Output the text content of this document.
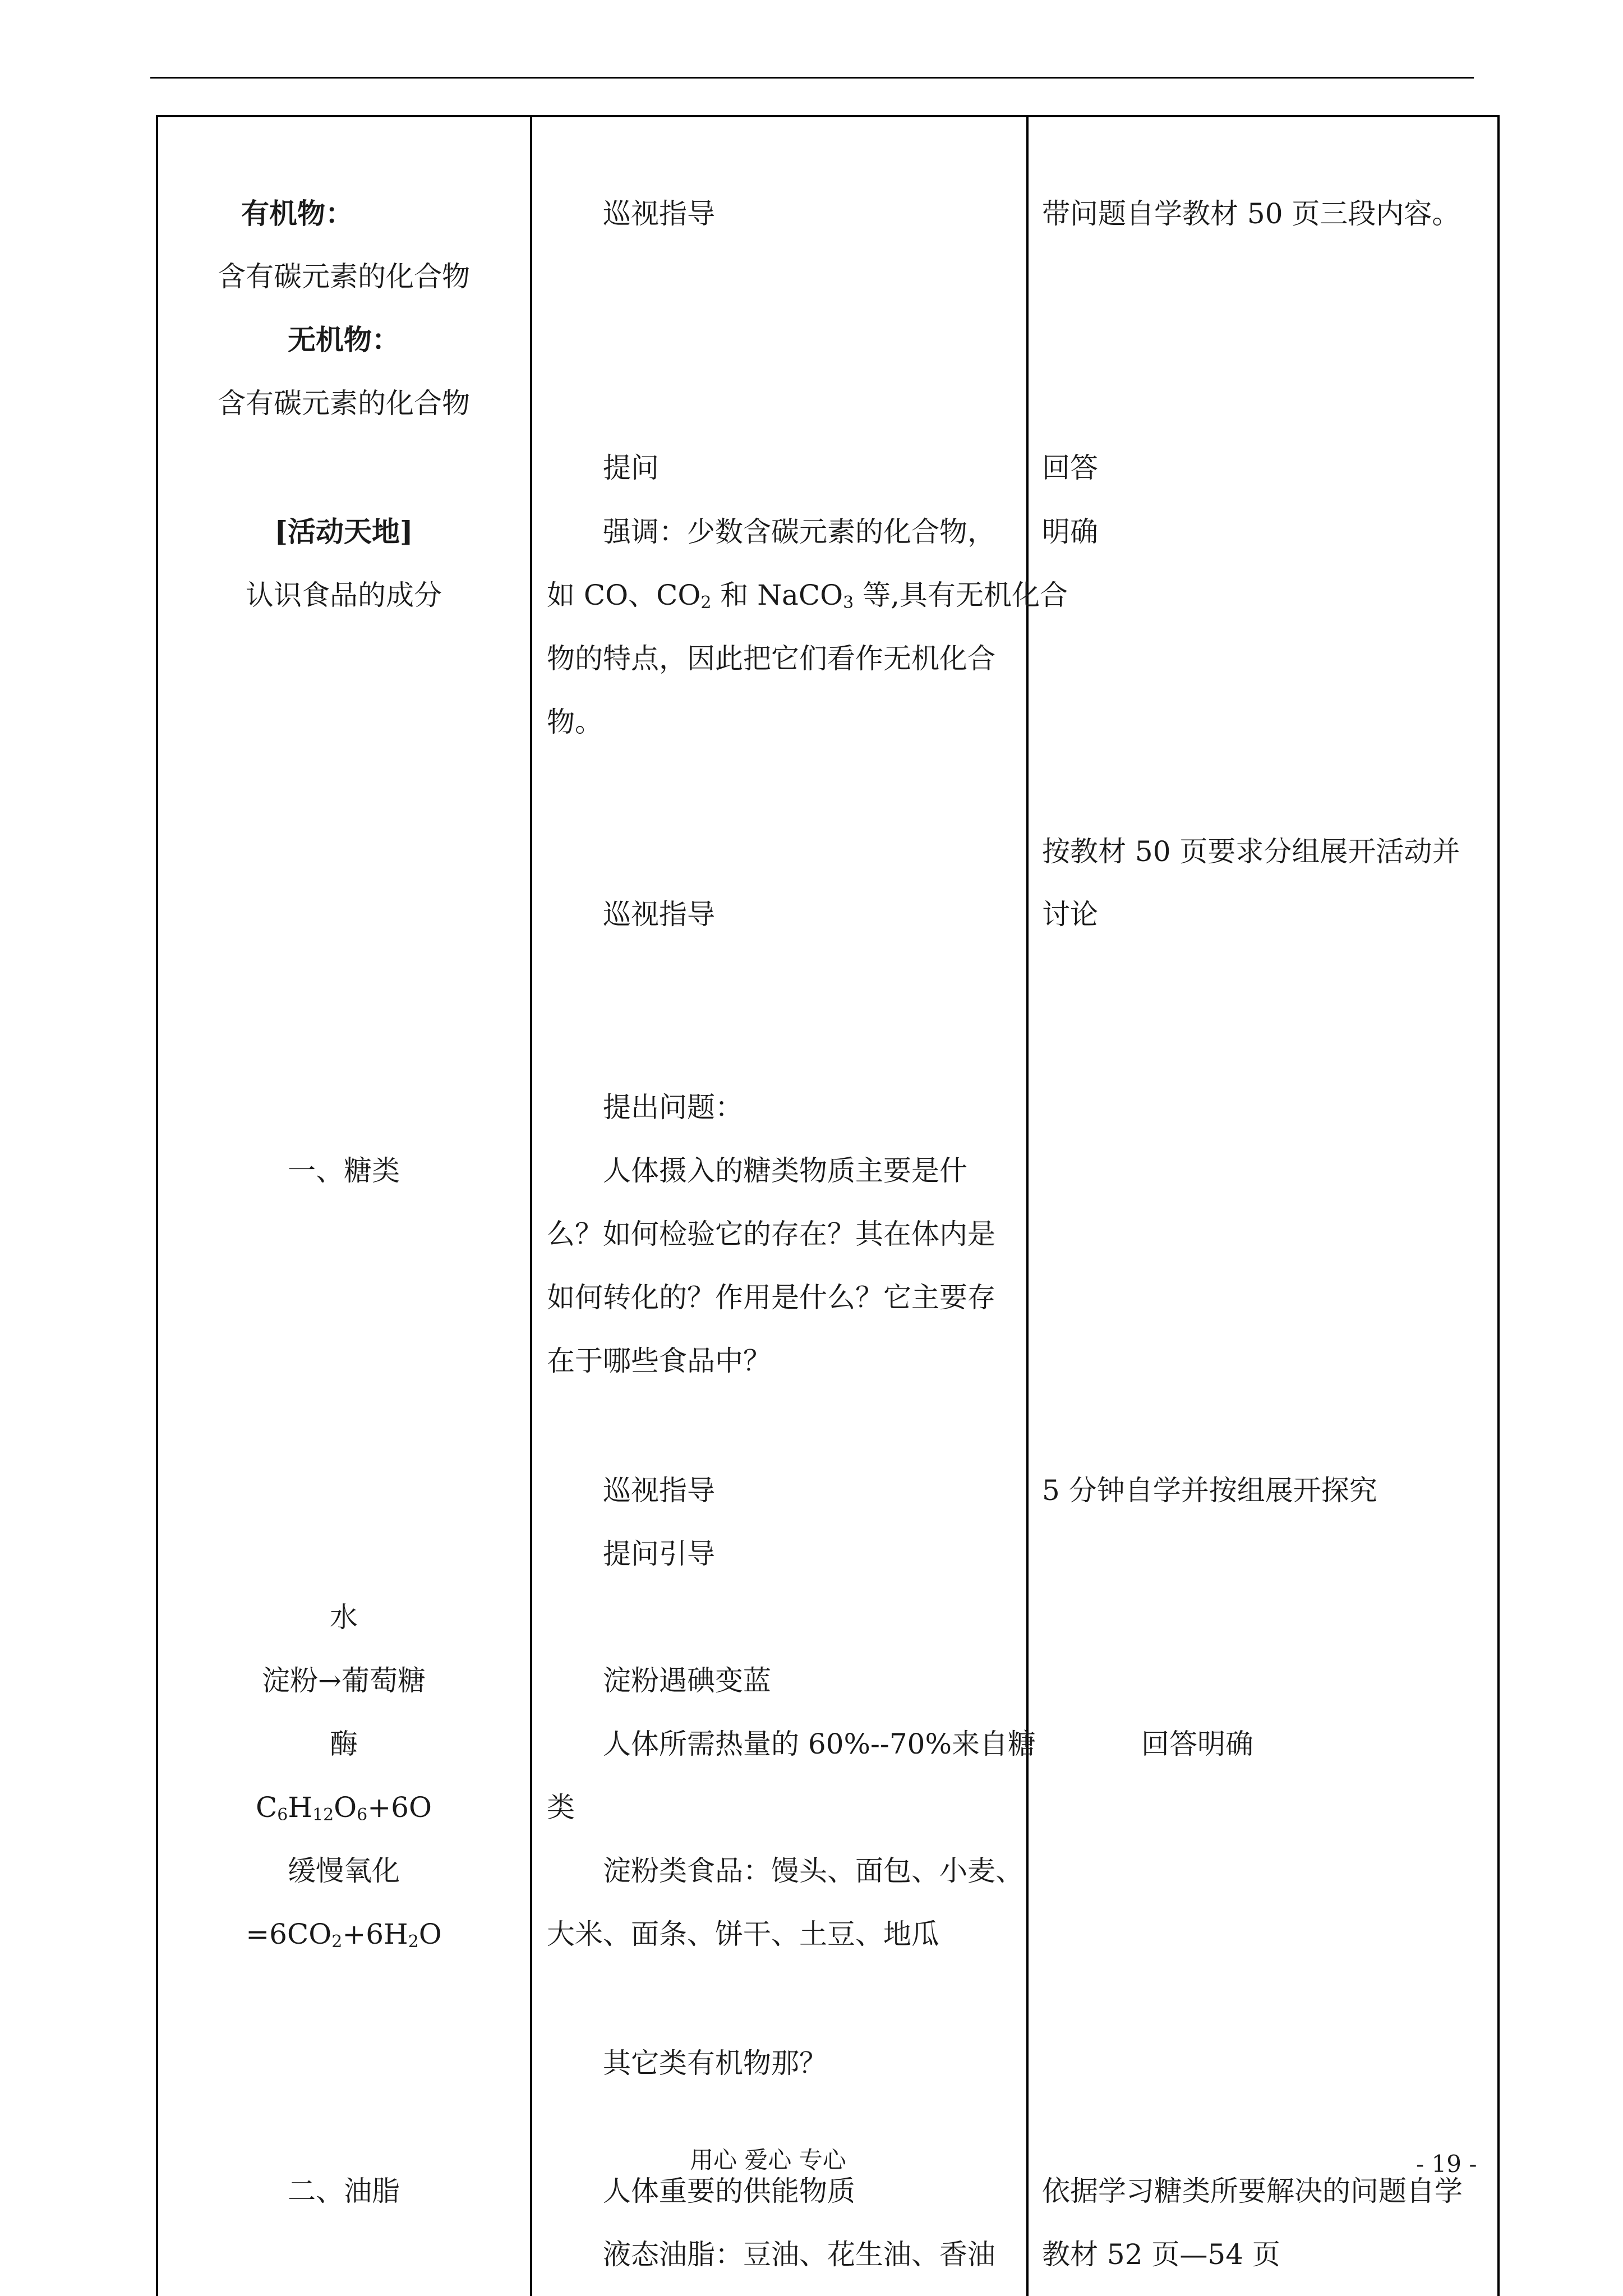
有机物：
含有碳元素的化合物
无机物：
含有碳元素的化合物
[活动天地]
认识食品的成分
一、糖类
水
淀粉→葡萄糖
酶
$C_6H_{12}O_6+6O$
缓慢氧化
$=6CO_2+6H_2O$
二、油脂
巡视指导
提问
强调：少数含碳元素的化合物，
如 CO、$CO_2$ 和 NaCO$_3$ 等,具有无机化合
物的特点，因此把它们看作无机化合
物。
巡视指导
提出问题：
人体摄入的糖类物质主要是什
么？如何检验它的存在？其在体内是
如何转化的？作用是什么？它主要存
在于哪些食品中？
巡视指导
提问引导
淀粉遇碘变蓝
人体所需热量的 60%--70%来自糖
类
淀粉类食品：馒头、面包、小麦、
大米、面条、饼干、土豆、地瓜
其它类有机物那？
人体重要的供能物质
液态油脂：豆油、花生油、香油
带问题自学教材 50 页三段内容。
回答
明确
按教材 50 页要求分组展开活动并
讨论
5 分钟自学并按组展开探究
回答明确
依据学习糖类所要解决的问题自学
教材 52 页—54 页
用心 爱心 专心	- 19 -
